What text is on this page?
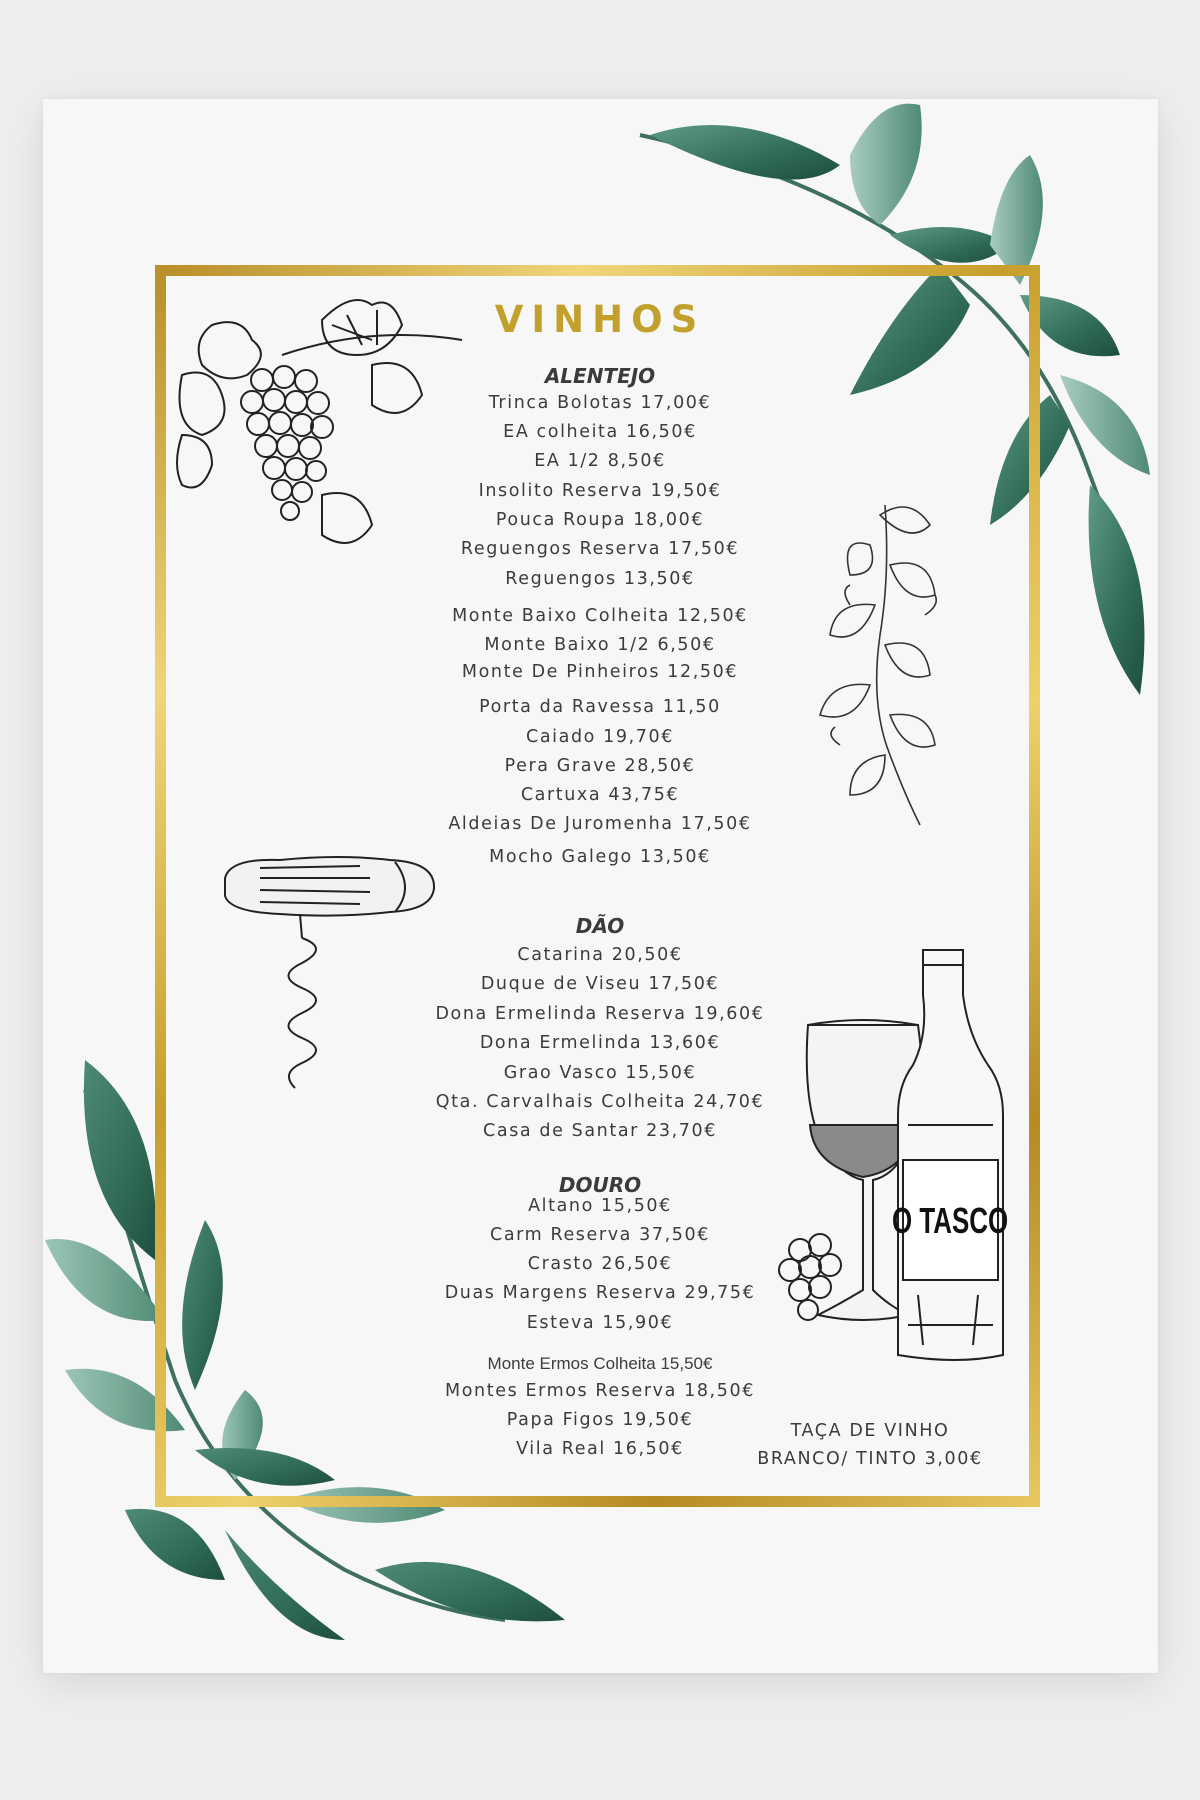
O TASCO
VINHOS
ALENTEJO
Trinca Bolotas 17,00€
EA colheita 16,50€
EA 1/2 8,50€
Insolito Reserva 19,50€
Pouca Roupa 18,00€
Reguengos Reserva 17,50€
Reguengos 13,50€
Monte Baixo Colheita 12,50€
Monte Baixo 1/2 6,50€
Monte De Pinheiros 12,50€
Porta da Ravessa 11,50
Caiado 19,70€
Pera Grave 28,50€
Cartuxa 43,75€
Aldeias De Juromenha 17,50€
Mocho Galego 13,50€
DÃO
Catarina 20,50€
Duque de Viseu 17,50€
Dona Ermelinda Reserva 19,60€
Dona Ermelinda 13,60€
Grao Vasco 15,50€
Qta. Carvalhais Colheita 24,70€
Casa de Santar 23,70€
DOURO
Altano 15,50€
Carm Reserva 37,50€
Crasto 26,50€
Duas Margens Reserva 29,75€
Esteva 15,90€
Monte Ermos Colheita 15,50€
Montes Ermos Reserva 18,50€
Papa Figos 19,50€
Vila Real 16,50€
TAÇA DE VINHO
BRANCO/ TINTO 3,00€
